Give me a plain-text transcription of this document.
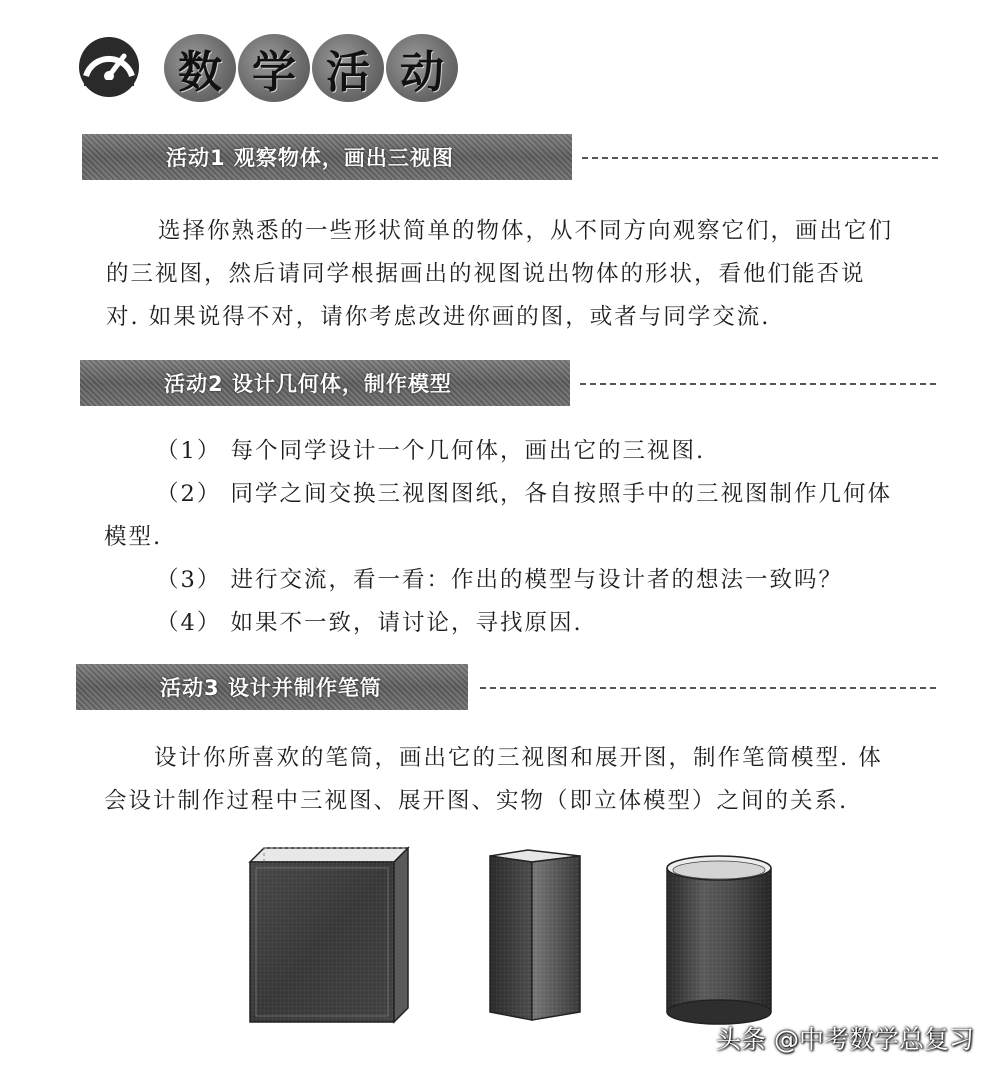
数 学 活 动
活动1 观察物体，画出三视图
选择你熟悉的一些形状简单的物体，从不同方向观察它们，画出它们
的三视图，然后请同学根据画出的视图说出物体的形状，看他们能否说
对. 如果说得不对，请你考虑改进你画的图，或者与同学交流.
活动2 设计几何体，制作模型
（1） 每个同学设计一个几何体，画出它的三视图.
（2） 同学之间交换三视图图纸，各自按照手中的三视图制作几何体
模型.
（3） 进行交流，看一看：作出的模型与设计者的想法一致吗？
（4） 如果不一致，请讨论，寻找原因.
活动3 设计并制作笔筒
设计你所喜欢的笔筒，画出它的三视图和展开图，制作笔筒模型. 体
会设计制作过程中三视图、展开图、实物（即立体模型）之间的关系.
头条 @中考数学总复习
